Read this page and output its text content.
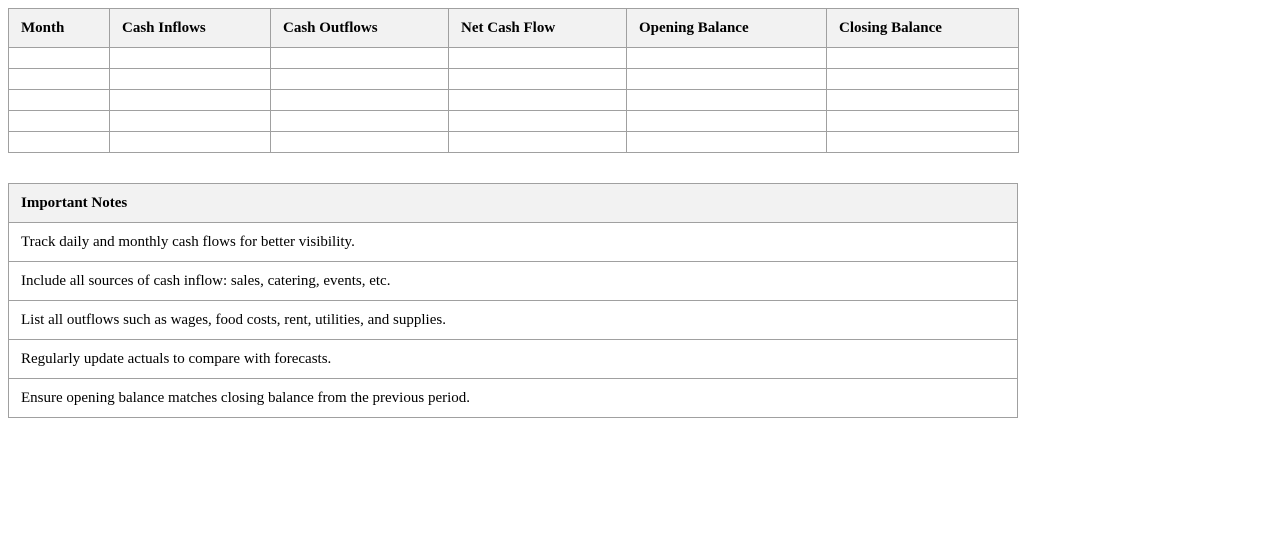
Month	Cash Inflows	Cash Outflows	Net Cash Flow	Opening Balance	Closing Balance

Important Notes
Track daily and monthly cash flows for better visibility.
Include all sources of cash inflow: sales, catering, events, etc.
List all outflows such as wages, food costs, rent, utilities, and supplies.
Regularly update actuals to compare with forecasts.
Ensure opening balance matches closing balance from the previous period.
